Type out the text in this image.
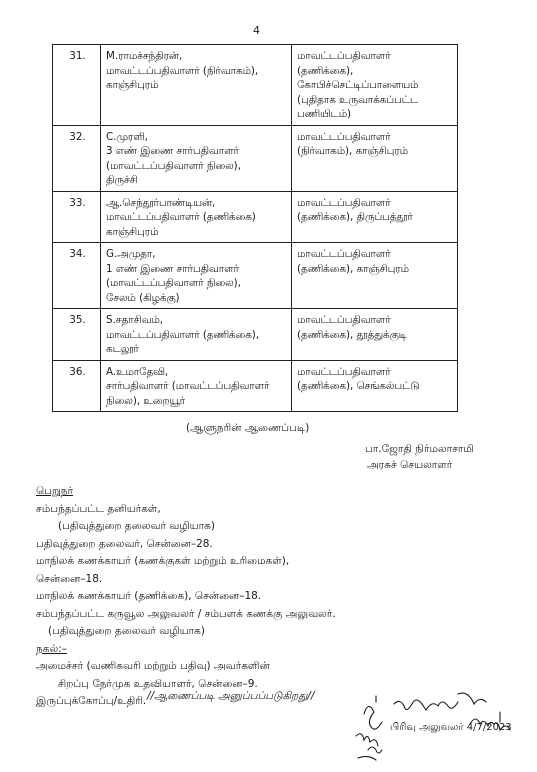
4
31.	M.ராமச்சந்திரன்,
மாவட்டப்பதிவாளர் (நிர்வாகம்),
காஞ்சிபுரம்	மாவட்டப்பதிவாளர்
(தணிக்கை),
கோபிச்செட்டிப்பாளையம்
(புதிதாக உருவாக்கப்பட்ட
பணியிடம்)

32.	C.முரளி,
3 எண் இணை சார்பதிவாளர்
(மாவட்டப்பதிவாளர் நிலை),
திருச்சி	மாவட்டப்பதிவாளர்
(நிர்வாகம்), காஞ்சிபுரம்

33.	ஆ.செந்தூர்பாண்டியன்,
மாவட்டப்பதிவாளர் (தணிக்கை)
காஞ்சிபுரம்	மாவட்டப்பதிவாளர்
(தணிக்கை), திருப்பத்தூர்

34.	G.அமுதா,
1 எண் இணை சார்பதிவாளர்
(மாவட்டப்பதிவாளர் நிலை),
சேலம் (கிழக்கு)	மாவட்டப்பதிவாளர்
(தணிக்கை), காஞ்சிபுரம்

35.	S.சதாசிவம்,
மாவட்டப்பதிவாளர் (தணிக்கை),
கடலூர்	மாவட்டப்பதிவாளர்
(தணிக்கை), தூத்துக்குடி

36.	A.உமாதேவி,
சார்பதிவாளர் (மாவட்டப்பதிவாளர்
நிலை), உறையூர்	மாவட்டப்பதிவாளர்
(தணிக்கை), செங்கல்பட்டு
(ஆளுநரின் ஆணைப்படி)
பா.ஜோதி நிர்மலாசாமி
அரசுச் செயலாளர்
பெறுநர்
சம்பந்தப்பட்ட தனியர்கள்,
(பதிவுத்துறை தலைவர் வழியாக)
பதிவுத்துறை தலைவர், சென்னை–28.
மாநிலக் கணக்காயர் (கணக்குகள் மற்றும் உரிமைகள்),
சென்னை–18.
மாநிலக் கணக்காயர் (தணிக்கை), சென்னை–18.
சம்பந்தப்பட்ட கருவூல அலுவலர் / சம்பளக் கணக்கு அலுவலர்.
(பதிவுத்துறை தலைவர் வழியாக)
நகல்:–
அமைச்சர் (வணிகவரி மற்றும் பதிவு) அவர்களின்
சிறப்பு நேர்முக உதவியாளர், சென்னை–9.
இருப்புக்கோப்பு/உதிரி. //ஆணைப்படி அனுப்பப்படுகிறது//
பிரிவு அலுவலர் 4/7/2023
